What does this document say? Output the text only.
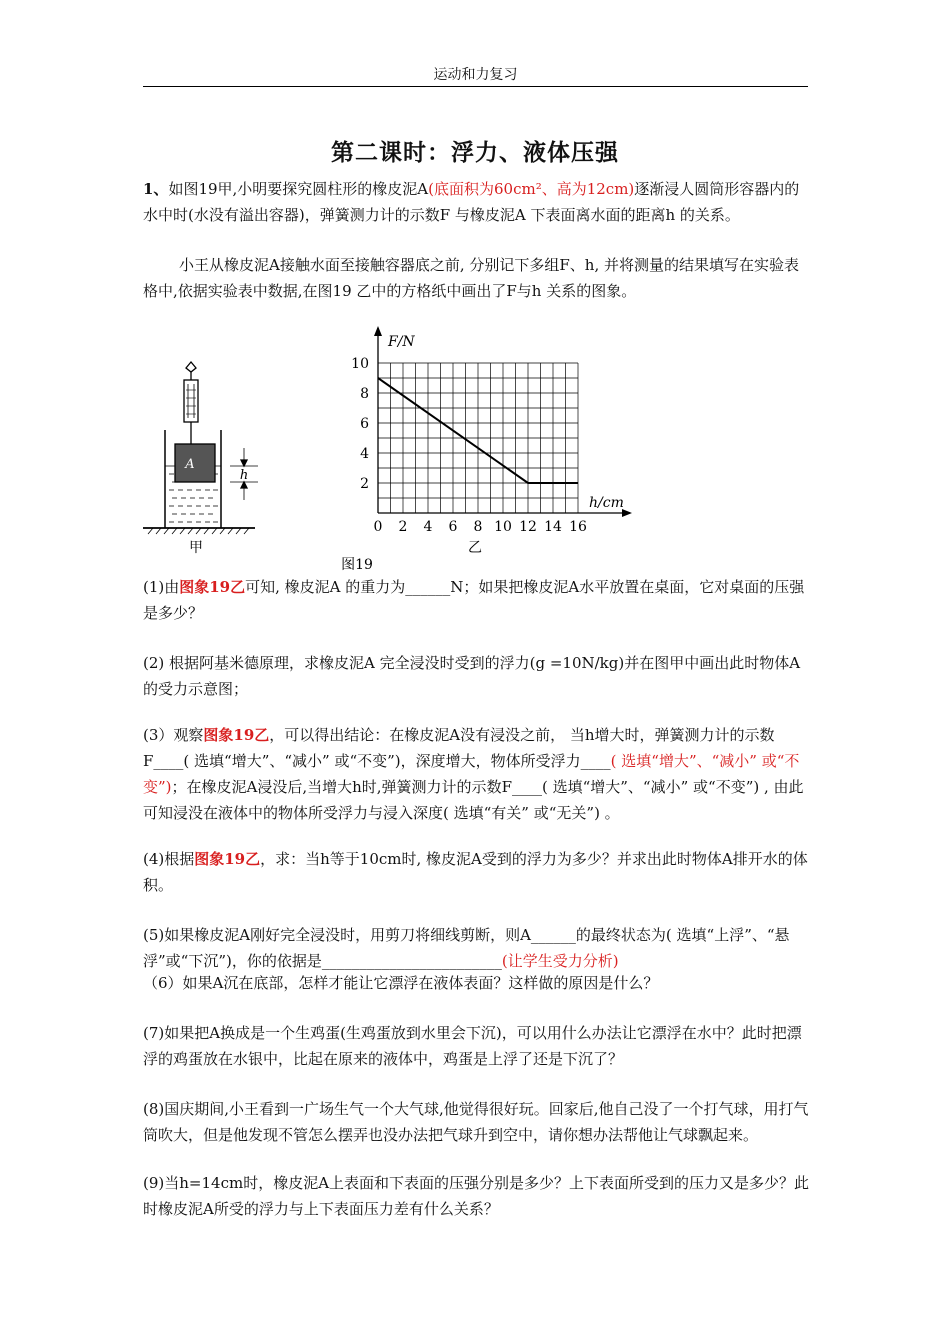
运动和力复习
第二课时：浮力、液体压强

1、如图19甲,小明要探究圆柱形的橡皮泥A(底面积为60cm²、高为12cm)逐渐浸人圆筒形容器内的水中时(水没有溢出容器)，弹簧测力计的示数F 与橡皮泥A 下表面离水面的距离h 的关系。

小王从橡皮泥A接触水面至接触容器底之前, 分别记下多组F、h, 并将测量的结果填写在实验表格中,依据实验表中数据,在图19 乙中的方格纸中画出了F与h 关系的图象。

A
h
甲
F/N
h/cm
0 2 4 6 8 10 12 14 16
2
4
6
8
10
乙
图19

(1)由图象19乙可知, 橡皮泥A 的重力为______N；如果把橡皮泥A水平放置在桌面，它对桌面的压强是多少？

(2) 根据阿基米德原理，求橡皮泥A 完全浸没时受到的浮力(g =10N/kg)并在图甲中画出此时物体A的受力示意图；

(3）观察图象19乙，可以得出结论：在橡皮泥A没有浸没之前， 当h增大时，弹簧测力计的示数F____( 选填“增大”、“减小” 或“不变”)，深度增大，物体所受浮力____( 选填“增大”、“减小” 或“不变”)；在橡皮泥A浸没后,当增大h时,弹簧测力计的示数F____( 选填“增大”、“减小” 或“不变”) , 由此可知浸没在液体中的物体所受浮力与浸入深度( 选填“有关” 或“无关”) 。

(4)根据图象19乙，求：当h等于10cm时, 橡皮泥A受到的浮力为多少？并求出此时物体A排开水的体积。

(5)如果橡皮泥A刚好完全浸没时，用剪刀将细线剪断，则A______的最终状态为( 选填“上浮”、“悬浮”或“下沉”)，你的依据是________________________(让学生受力分析)

（6）如果A沉在底部，怎样才能让它漂浮在液体表面？这样做的原因是什么？

(7)如果把A换成是一个生鸡蛋(生鸡蛋放到水里会下沉)，可以用什么办法让它漂浮在水中？此时把漂浮的鸡蛋放在水银中，比起在原来的液体中，鸡蛋是上浮了还是下沉了？

(8)国庆期间,小王看到一广场生气一个大气球,他觉得很好玩。回家后,他自己没了一个打气球，用打气筒吹大，但是他发现不管怎么摆弄也没办法把气球升到空中，请你想办法帮他让气球飘起来。

(9)当h=14cm时，橡皮泥A上表面和下表面的压强分别是多少？上下表面所受到的压力又是多少？此时橡皮泥A所受的浮力与上下表面压力差有什么关系？
